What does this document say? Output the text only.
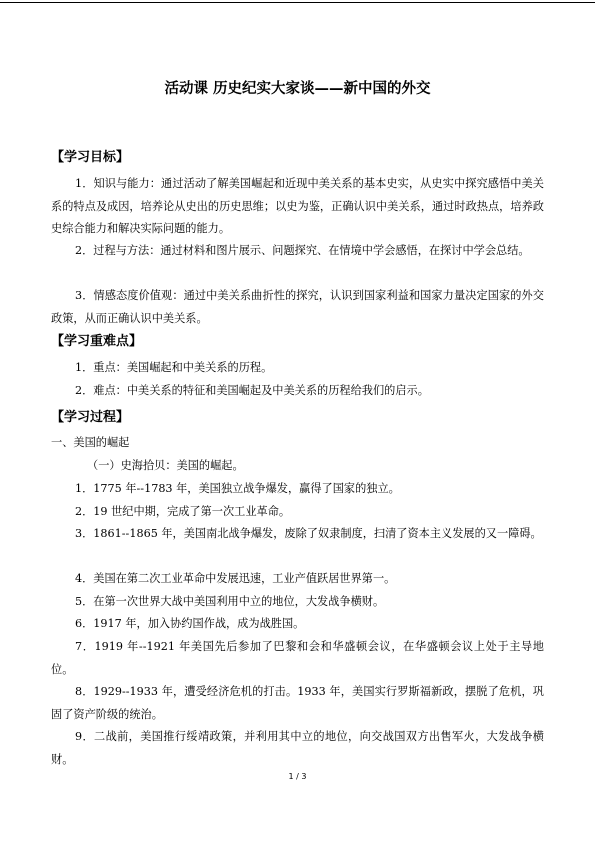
活动课 历史纪实大家谈——新中国的外交
【学习目标】
1．知识与能力：通过活动了解美国崛起和近现中美关系的基本史实，从史实中探究感悟中美关系的特点及成因，培养论从史出的历史思维；以史为鉴，正确认识中美关系，通过时政热点，培养政史综合能力和解决实际问题的能力。
2．过程与方法：通过材料和图片展示、问题探究、在情境中学会感悟，在探讨中学会总结。
3．情感态度价值观：通过中美关系曲折性的探究，认识到国家利益和国家力量决定国家的外交政策，从而正确认识中美关系。
【学习重难点】
1．重点：美国崛起和中美关系的历程。
2．难点：中美关系的特征和美国崛起及中美关系的历程给我们的启示。
【学习过程】
一、美国的崛起
（一）史海拾贝：美国的崛起。
1．1775 年--1783 年，美国独立战争爆发，赢得了国家的独立。
2．19 世纪中期，完成了第一次工业革命。
3．1861--1865 年，美国南北战争爆发，废除了奴隶制度，扫清了资本主义发展的又一障碍。
4．美国在第二次工业革命中发展迅速，工业产值跃居世界第一。
5．在第一次世界大战中美国利用中立的地位，大发战争横财。
6．1917 年，加入协约国作战，成为战胜国。
7．1919 年--1921 年美国先后参加了巴黎和会和华盛顿会议，在华盛顿会议上处于主导地位。
8．1929--1933 年，遭受经济危机的打击。1933 年，美国实行罗斯福新政，摆脱了危机，巩固了资产阶级的统治。
9．二战前，美国推行绥靖政策，并利用其中立的地位，向交战国双方出售军火，大发战争横财。
1 / 3
